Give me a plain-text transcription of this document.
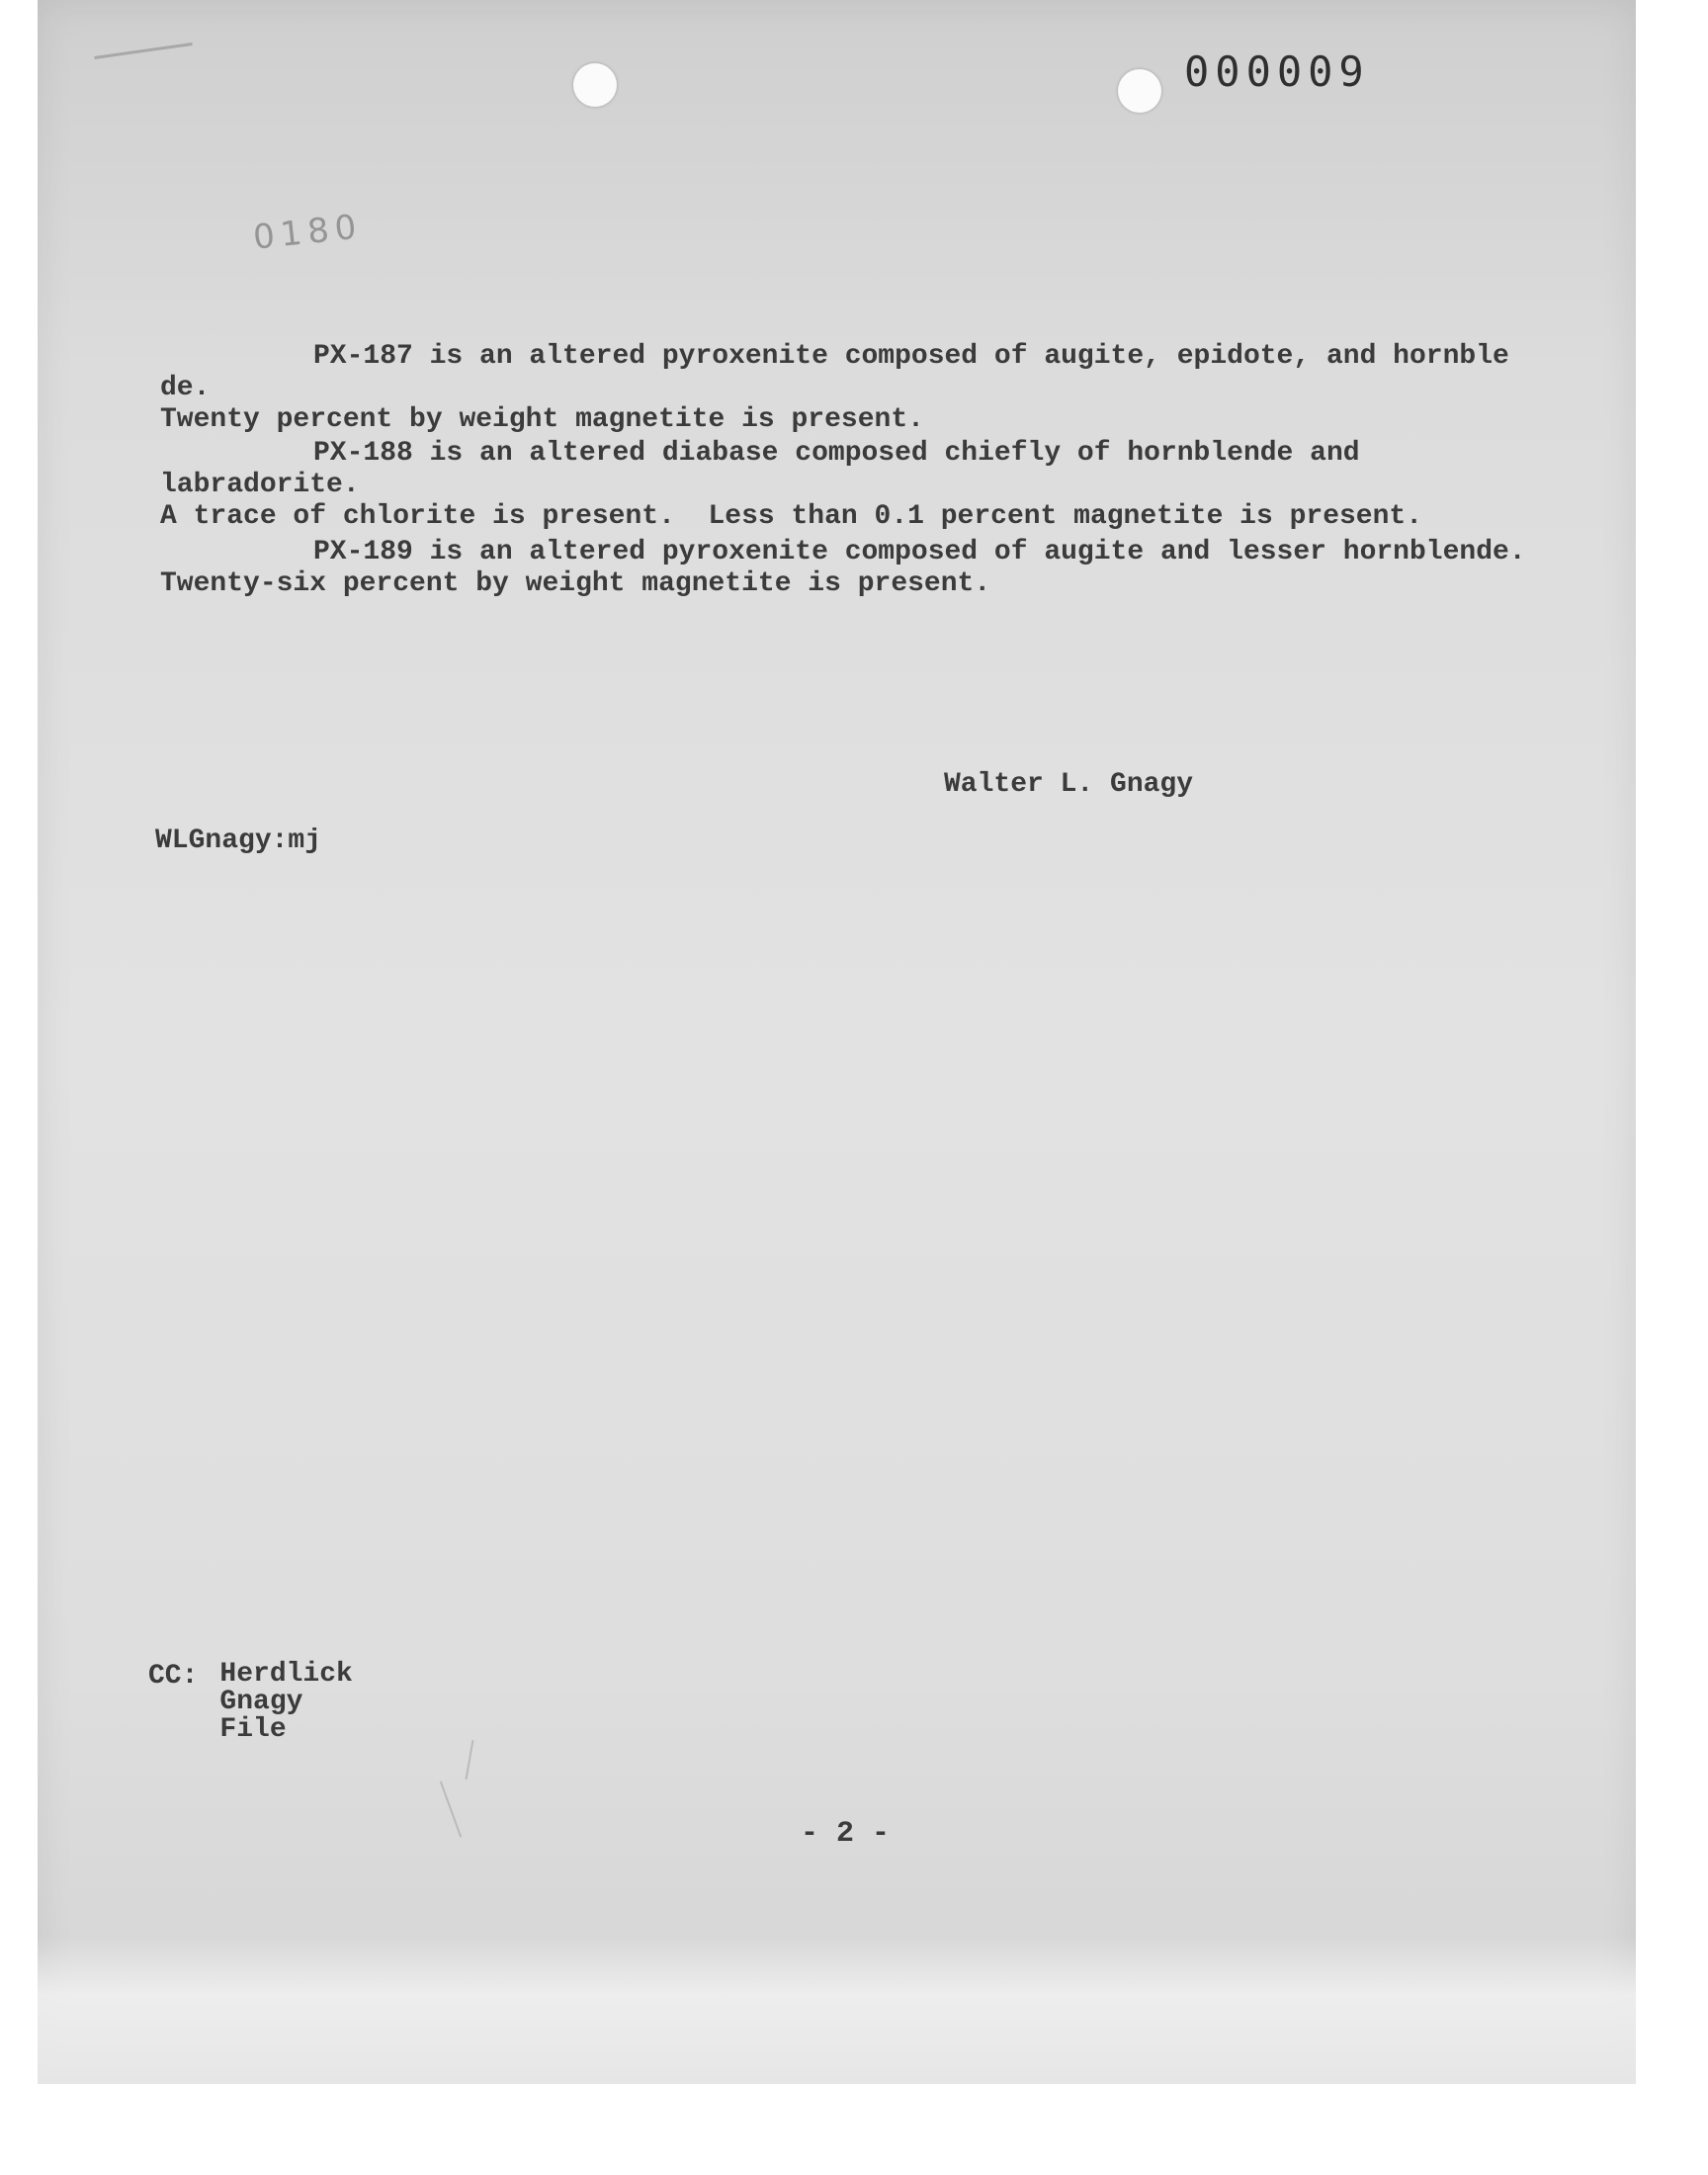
000009
0180
PX-187 is an altered pyroxenite composed of augite, epidote, and hornble de.
Twenty percent by weight magnetite is present.
PX-188 is an altered diabase composed chiefly of hornblende and labradorite.
A trace of chlorite is present.  Less than 0.1 percent magnetite is present.
PX-189 is an altered pyroxenite composed of augite and lesser hornblende.
Twenty-six percent by weight magnetite is present.
Walter L. Gnagy
WLGnagy:mj
CC: Herdlick
Gnagy
File
- 2 -
